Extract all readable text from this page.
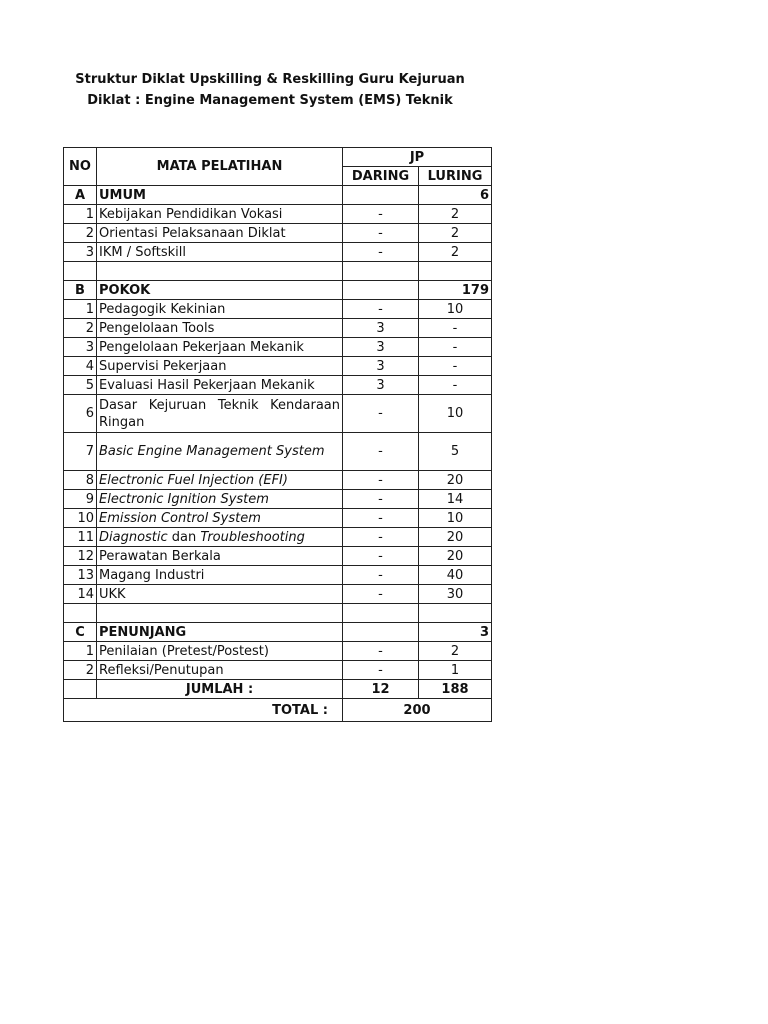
Struktur Diklat Upskilling & Reskilling Guru Kejuruan
Diklat : Engine Management System (EMS) Teknik
NO	MATA PELATIHAN	JP	
		DARING	LURING
A	UMUM		6
1	Kebijakan Pendidikan Vokasi	-	2
2	Orientasi Pelaksanaan Diklat	-	2
3	IKM / Softskill	-	2

B	POKOK		179
1	Pedagogik Kekinian	-	10
2	Pengelolaan Tools	3	-
3	Pengelolaan Pekerjaan Mekanik	3	-
4	Supervisi Pekerjaan	3	-
5	Evaluasi Hasil Pekerjaan Mekanik	3	-
6	Dasar Kejuruan Teknik Kendaraan Ringan	-	10
7	Basic Engine Management System	-	5
8	Electronic Fuel Injection (EFI)	-	20
9	Electronic Ignition System	-	14
10	Emission Control System	-	10
11	Diagnostic dan Troubleshooting	-	20
12	Perawatan Berkala	-	20
13	Magang Industri	-	40
14	UKK	-	30

C	PENUNJANG		3
1	Penilaian (Pretest/Postest)	-	2
2	Refleksi/Penutupan	-	1
	JUMLAH :	12	188
TOTAL :		200	
